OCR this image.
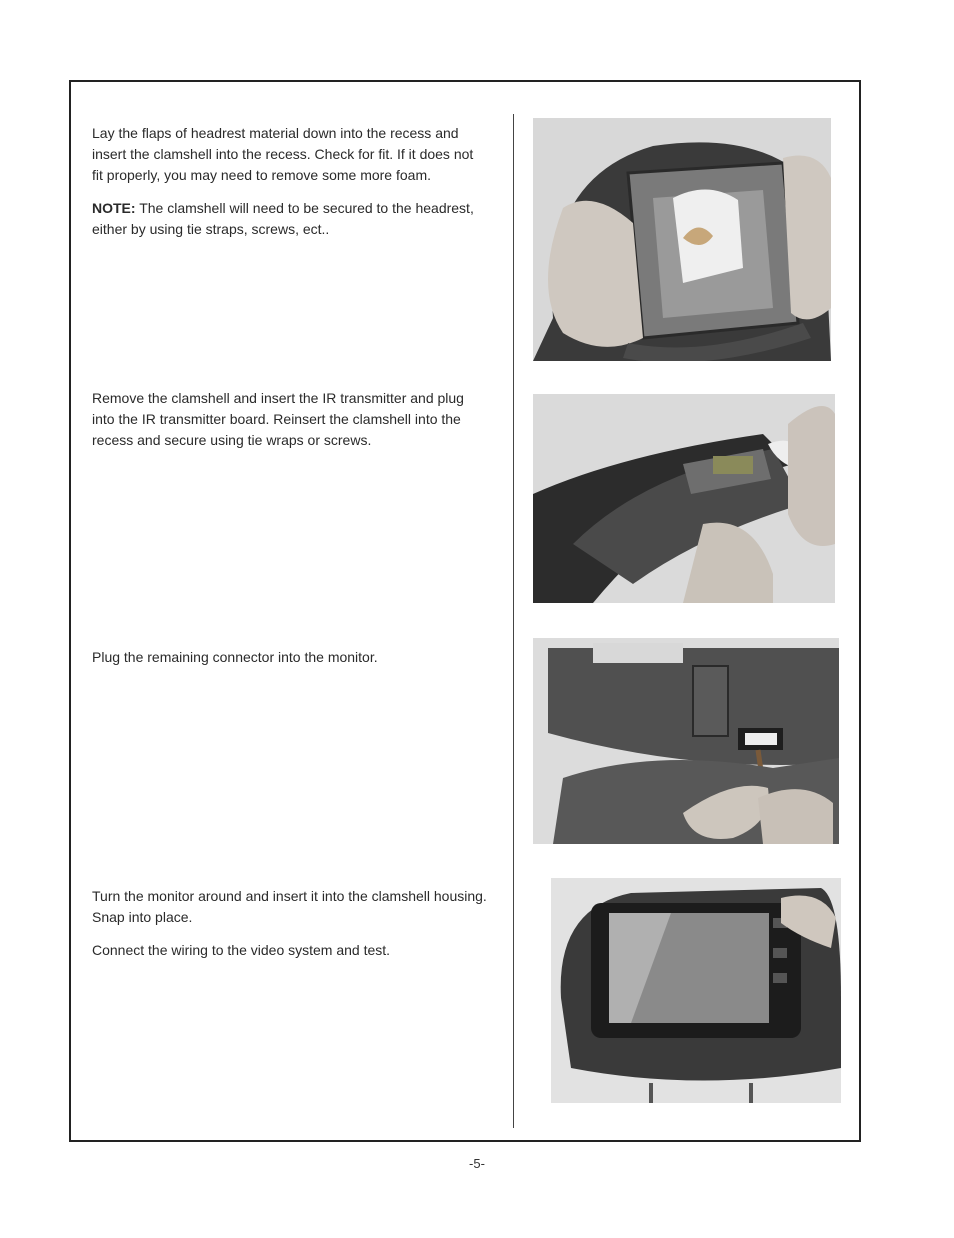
Lay the flaps of headrest material down into the recess and insert the clamshell into the recess. Check for fit. If it does not fit properly, you may need to remove some more foam.

NOTE: The clamshell will need to be secured to the headrest, either by using tie straps, screws, ect..

Remove the clamshell and insert the IR transmitter and plug into the IR transmitter board. Reinsert the clamshell into the recess and secure using tie wraps or screws.

Plug the remaining connector into the monitor.

Turn the monitor around and insert it into the clamshell housing. Snap into place.

Connect the wiring to the video system and test.

-5-
